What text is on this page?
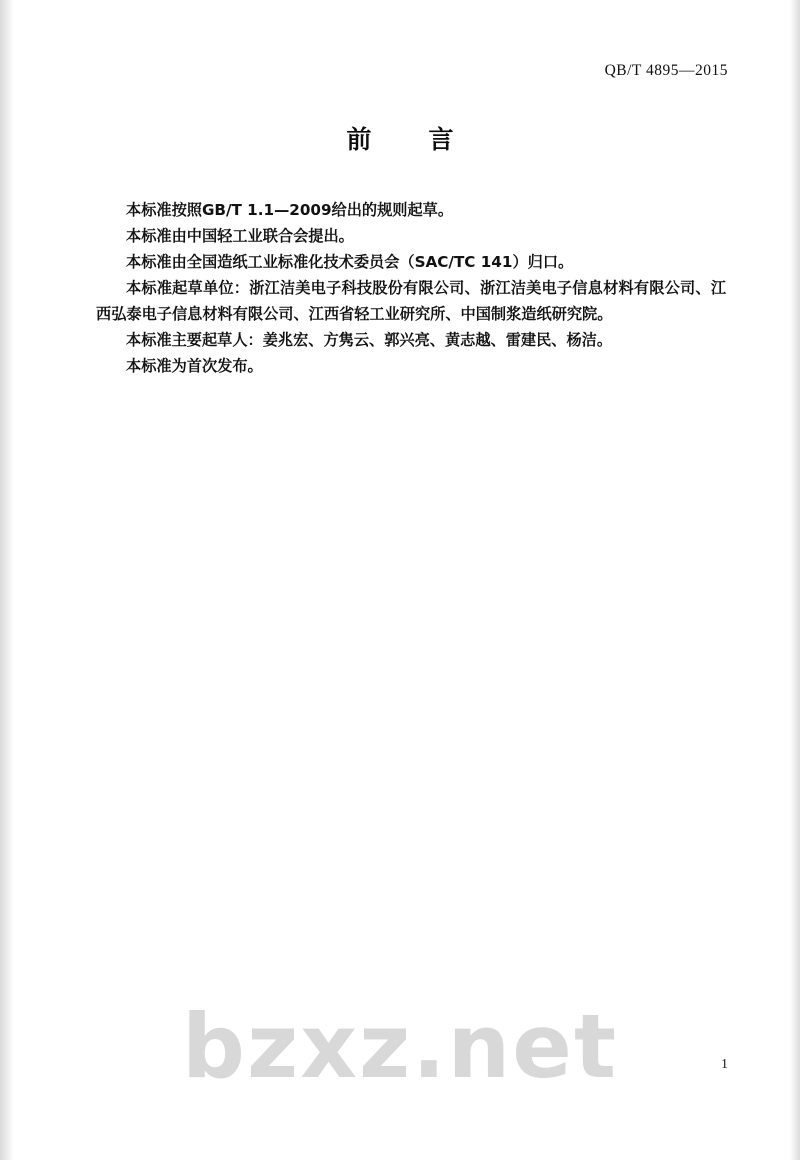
QB/T 4895—2015
前　言

本标准按照GB/T 1.1—2009给出的规则起草。

本标准由中国轻工业联合会提出。

本标准由全国造纸工业标准化技术委员会（SAC/TC 141）归口。

本标准起草单位：浙江洁美电子科技股份有限公司、浙江洁美电子信息材料有限公司、江西弘泰电子信息材料有限公司、江西省轻工业研究所、中国制浆造纸研究院。

本标准主要起草人：姜兆宏、方隽云、郭兴亮、黄志越、雷建民、杨洁。

本标准为首次发布。

bzxz.net	1
